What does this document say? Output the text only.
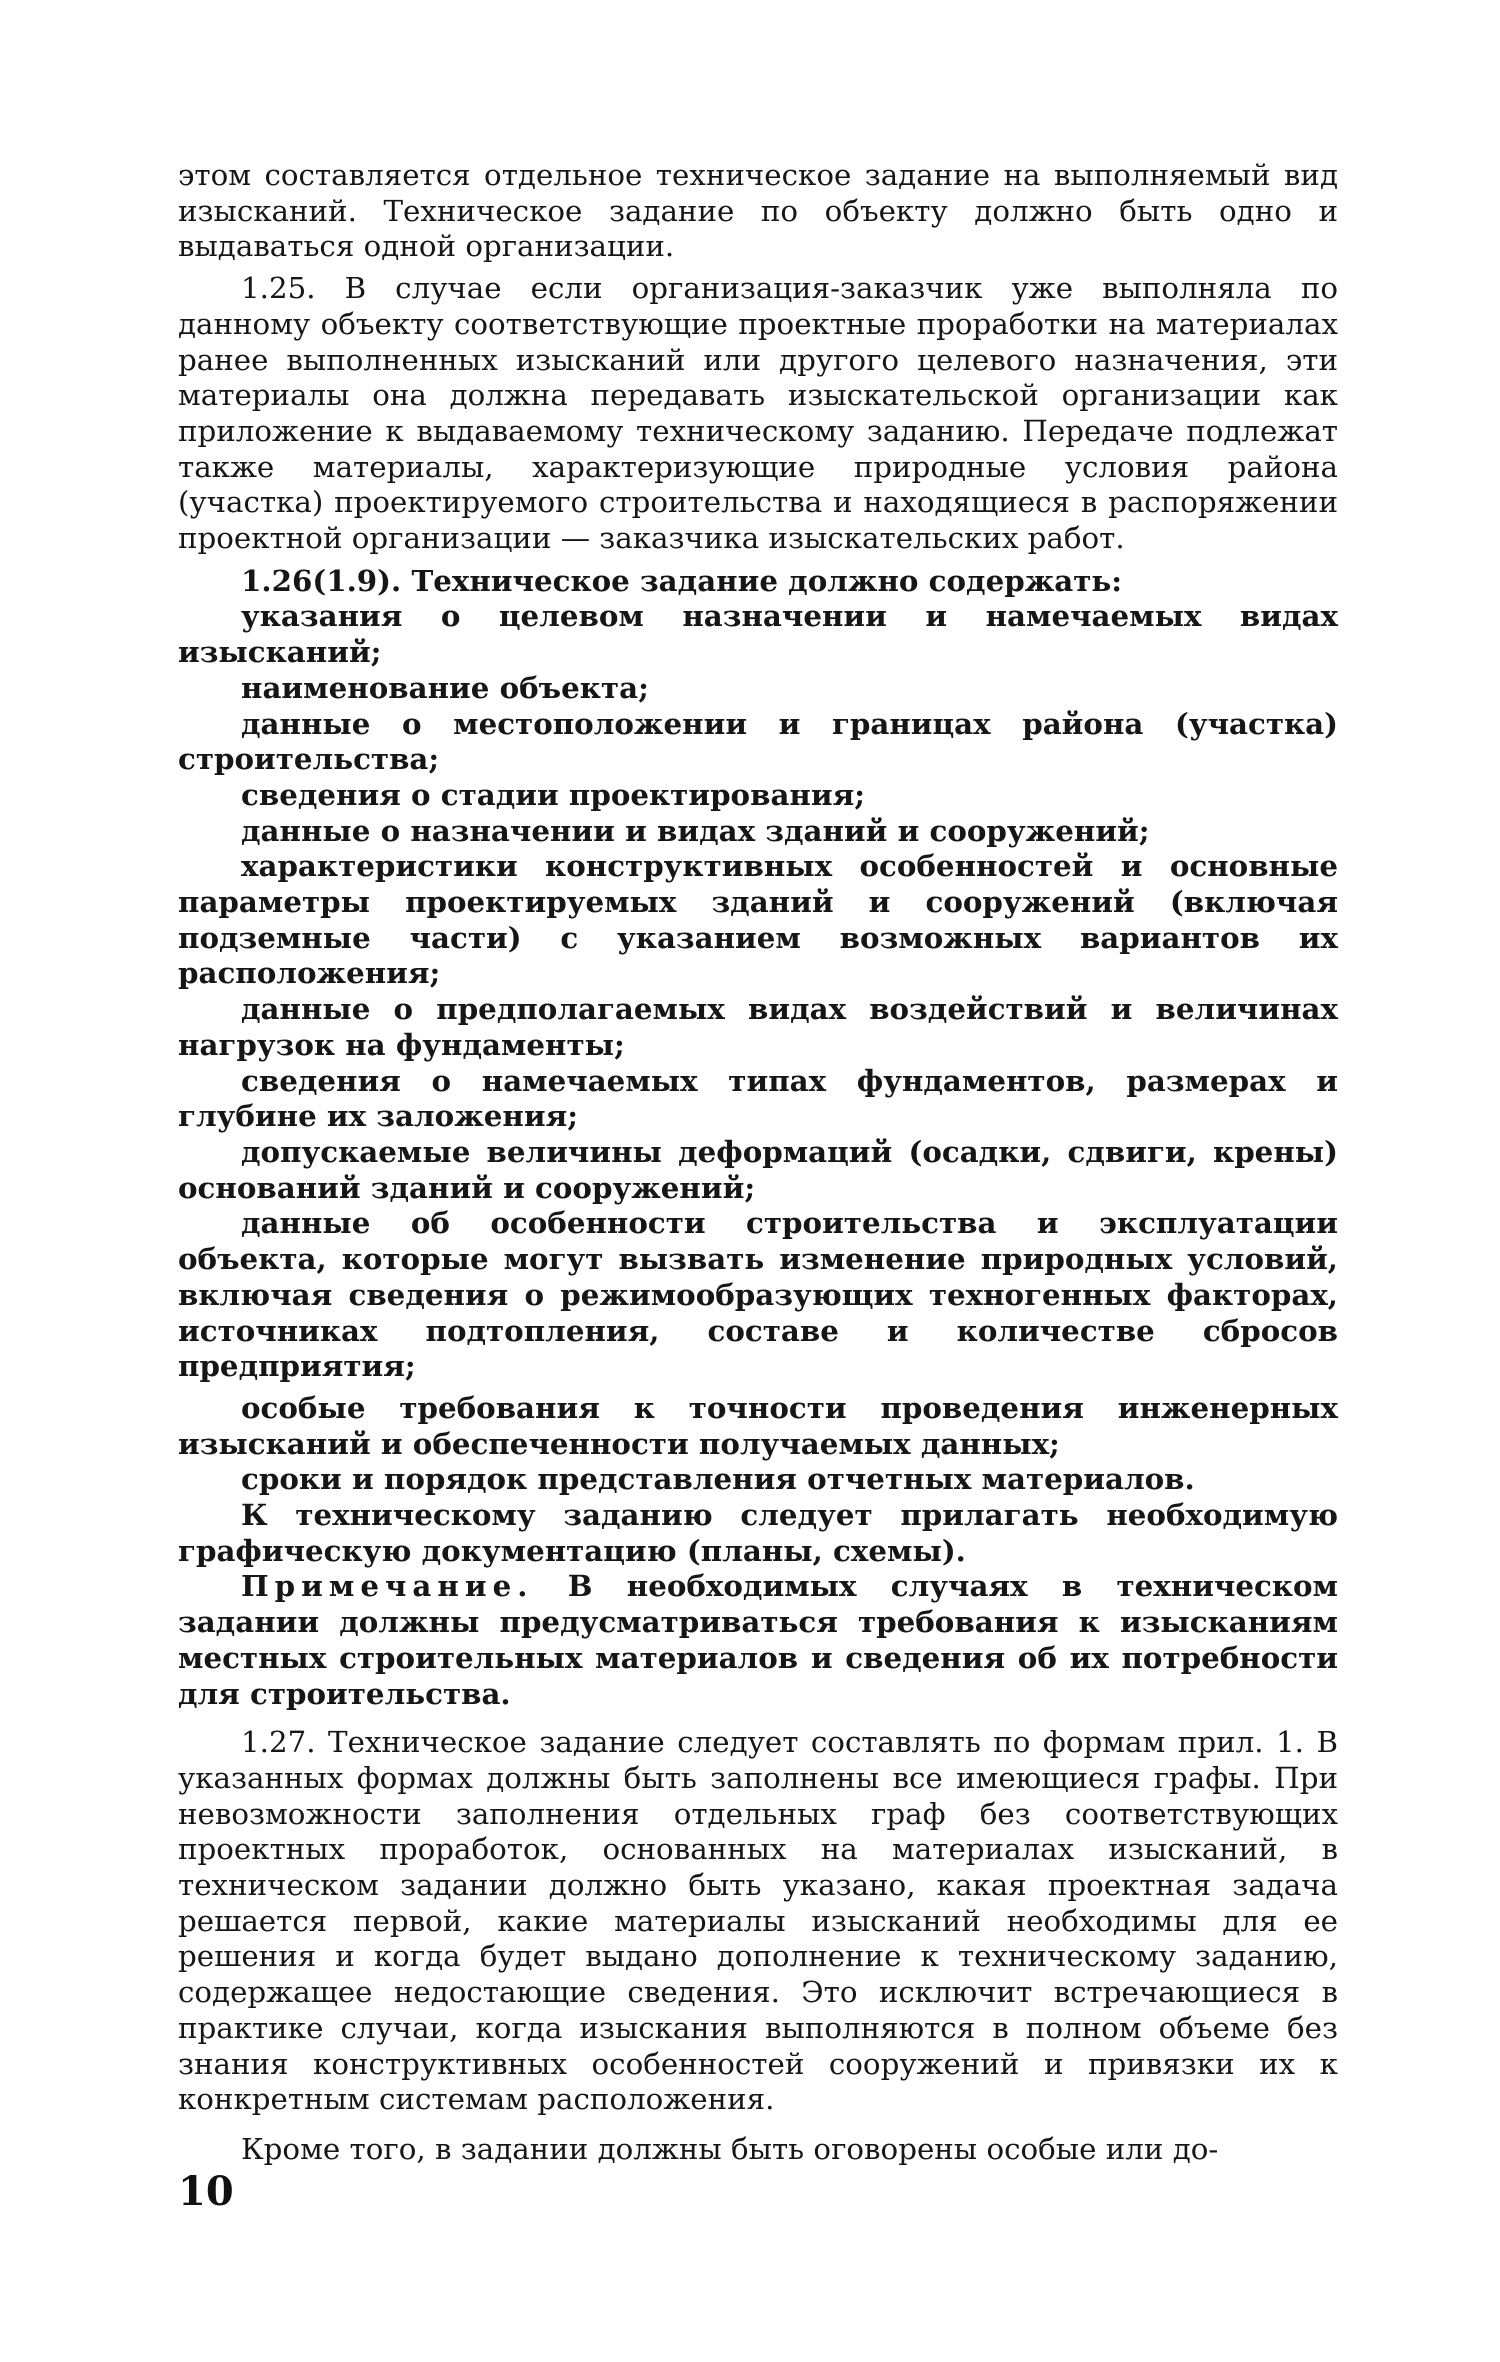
этом составляется отдельное техническое задание на выполняемый вид изысканий. Техническое задание по объекту должно быть одно и выдаваться одной организации.

1.25. В случае если организация-заказчик уже выполняла по данному объекту соответствующие проектные проработки на материалах ранее выполненных изысканий или другого целевого назначения, эти материалы она должна передавать изыскательской организации как приложение к выдаваемому техническому заданию. Передаче подлежат также материалы, характеризующие природные условия района (участка) проектируемого строительства и находящиеся в распоряжении проектной организации — заказчика изыскательских работ.

1.26(1.9). Техническое задание должно содержать:

указания о целевом назначении и намечаемых видах изысканий;

наименование объекта;

данные о местоположении и границах района (участка) строительства;

сведения о стадии проектирования;

данные о назначении и видах зданий и сооружений;

характеристики конструктивных особенностей и основные параметры проектируемых зданий и сооружений (включая подземные части) с указанием возможных вариантов их расположения;

данные о предполагаемых видах воздействий и величинах нагрузок на фундаменты;

сведения о намечаемых типах фундаментов, размерах и глубине их заложения;

допускаемые величины деформаций (осадки, сдвиги, крены) оснований зданий и сооружений;

данные об особенности строительства и эксплуатации объекта, которые могут вызвать изменение природных условий, включая сведения о режимообразующих техногенных факторах, источниках подтопления, составе и количестве сбросов предприятия;

особые требования к точности проведения инженерных изысканий и обеспеченности получаемых данных;

сроки и порядок представления отчетных материалов.

К техническому заданию следует прилагать необходимую графическую документацию (планы, схемы).

Примечание. В необходимых случаях в техническом задании должны предусматриваться требования к изысканиям местных строительных материалов и сведения об их потребности для строительства.

1.27. Техническое задание следует составлять по формам прил. 1. В указанных формах должны быть заполнены все имеющиеся графы. При невозможности заполнения отдельных граф без соответствующих проектных проработок, основанных на материалах изысканий, в техническом задании должно быть указано, какая проектная задача решается первой, какие материалы изысканий необходимы для ее решения и когда будет выдано дополнение к техническому заданию, содержащее недостающие сведения. Это исключит встречающиеся в практике случаи, когда изыскания выполняются в полном объеме без знания конструктивных особенностей сооружений и привязки их к конкретным системам расположения.

Кроме того, в задании должны быть оговорены особые или до-

10
